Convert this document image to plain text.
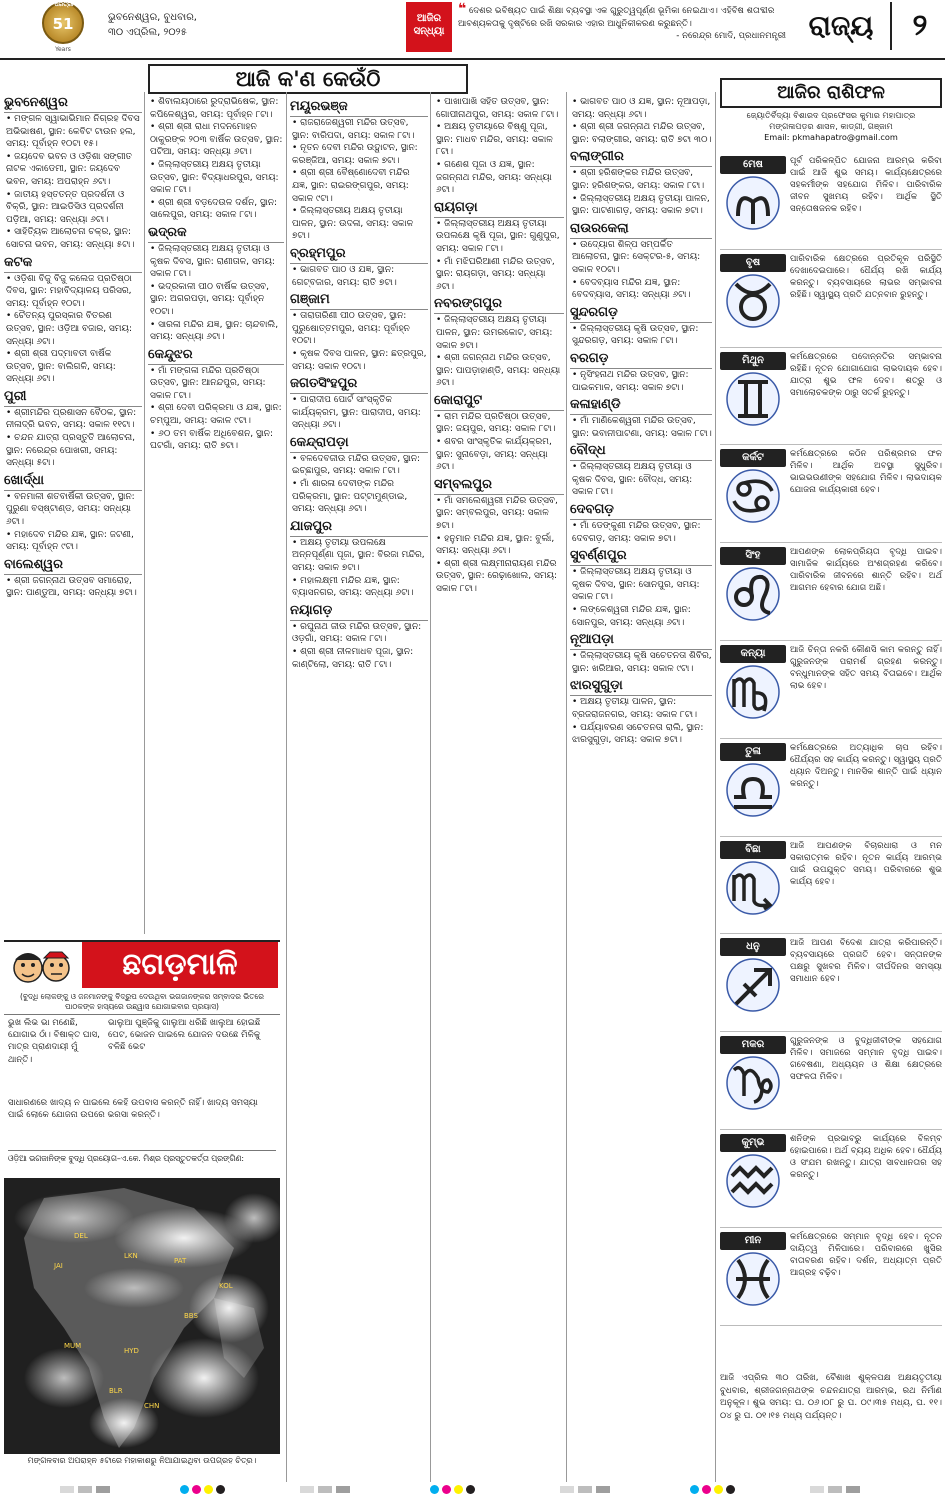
51
ଧରିତ୍ରୀ
Years
ଭୁବନେଶ୍ୱର, ବୁଧବାର,
୩୦ ଏପ୍ରିଲ, ୨୦୨୫
ଆଜିର
ସନ୍ଧ୍ୟା
❝ ଦେଶର ଭବିଷ୍ୟତ ପାଇଁ ଶିକ୍ଷା ବ୍ୟବସ୍ଥା ଏକ ଗୁରୁତ୍ୱପୂର୍ଣ୍ଣ ଭୂମିକା ନେଇଥାଏ। ଏହିବିଷ ଶତାବ୍ଦୀର ଆବଶ୍ୟକତାକୁ ଦୃଷ୍ଟିରେ ରଖି ସରକାର ଏହାର ଆଧୁନିକୀକରଣ କରୁଛନ୍ତି।
- ନରେନ୍ଦ୍ର ମୋଦି, ପ୍ରଧାନମନ୍ତ୍ରୀ ରାଜ୍ୟ	୨
ଆଜି କ'ଣ କେଉଁଠି
ଭୁବନେଶ୍ୱର
• ମଙ୍ଗଳ ସ୍ୱାଭାଭିମାନ ନିଗ୍ରହ ଦିବସ ଅଭିଭାଷଣ, ସ୍ଥାନ: କେବିଟ ଟାଉନ ହଲ, ସମୟ: ପୂର୍ବାହ୍ନ ୧୦ଟା ୧୫।
• ଜୟଦେବ ଭବନ ଓ ଓଡ଼ିଶା ସଙ୍ଗୀତ ନାଟକ ଏକାଡେମୀ, ସ୍ଥାନ: ଜୟଦେବ ଭବନ, ସମୟ: ଅପରାହ୍ନ ୬ଟା।
• ଜାତୀୟ ହସ୍ତତନ୍ତ ପ୍ରଦର୍ଶନୀ ଓ ବିକ୍ରି, ସ୍ଥାନ: ଆଇଡିସିଓ ପ୍ରଦର୍ଶନୀ ପଡ଼ିଆ, ସମୟ: ସନ୍ଧ୍ୟା ୬ଟା।
• ସାହିତ୍ୟିକ ଆଲୋଚନା ଚକ୍ର, ସ୍ଥାନ: ସୋଚନା ଭବନ, ସମୟ: ସନ୍ଧ୍ୟା ୫ଟା।
କଟକ
• ଓଡ଼ିଶା ବିଜୁ ବିଜୁ କଲେଜ ପ୍ରତିଷ୍ଠା ଦିବସ, ସ୍ଥାନ: ମହାବିଦ୍ୟାଳୟ ପରିସର, ସମୟ: ପୂର୍ବାହ୍ନ ୧୦ଟା।
• ଚୈତନ୍ୟ ପୁରସ୍କାର ବିତରଣ ଉତ୍ସବ, ସ୍ଥାନ: ଓଡ଼ିଆ ବଜାର, ସମୟ: ସନ୍ଧ୍ୟା ୬ଟା।
• ଶ୍ରୀ ଶ୍ରୀ ପଦ୍ମାବତୀ ବାର୍ଷିକ ଉତ୍ସବ, ସ୍ଥାନ: ବାଲିଗଳି, ସମୟ: ସନ୍ଧ୍ୟା ୬ଟା।
ପୁରୀ
• ଶ୍ରୀମନ୍ଦିର ପ୍ରଶାସନ ବୈଠକ, ସ୍ଥାନ: ନୀଳାଦ୍ରି ଭବନ, ସମୟ: ସକାଳ ୧୧ଟା।
• ଚନ୍ଦନ ଯାତ୍ରା ପ୍ରସ୍ତୁତି ଆଲୋଚନା, ସ୍ଥାନ: ନରେନ୍ଦ୍ର ପୋଖରୀ, ସମୟ: ସନ୍ଧ୍ୟା ୫ଟା।
ଖୋର୍ଦ୍ଧା
• ବନମାଳୀ ଶତବାର୍ଷିକୀ ଉତ୍ସବ, ସ୍ଥାନ: ପୁରୁଣା ବସ୍ଷ୍ଟାଣ୍ଡ, ସମୟ: ସନ୍ଧ୍ୟା ୬ଟା।
• ମହାଦେବ ମନ୍ଦିର ଯଜ୍ଞ, ସ୍ଥାନ: ଜଟଣୀ, ସମୟ: ପୂର୍ବାହ୍ନ ୯ଟା।
ବାଲେଶ୍ୱର
• ଶ୍ରୀ ଜଗନ୍ନାଥ ଉତ୍ସବ ସମାରୋହ, ସ୍ଥାନ: ପାଣ୍ଡୁଆ, ସମୟ: ସନ୍ଧ୍ୟା ୭ଟା।
• ଶିବାଲୟଠାରେ ରୁଦ୍ରାଭିଷେକ, ସ୍ଥାନ: କପିଳେଶ୍ୱର, ସମୟ: ପୂର୍ବାହ୍ନ ୮ଟା।
• ଶ୍ରୀ ଶ୍ରୀ ରାଧା ମଦନମୋହନ ଠାକୁରଙ୍କ ୨୦୩ ବାର୍ଷିକ ଉତ୍ସବ, ସ୍ଥାନ: ପଟିଆ, ସମୟ: ସନ୍ଧ୍ୟା ୬ଟା।
• ଜିଲ୍ଲାସ୍ତରୀୟ ଅକ୍ଷୟ ତୃତୀୟା ଉତ୍ସବ, ସ୍ଥାନ: ବିଦ୍ୟାଧରପୁର, ସମୟ: ସକାଳ ୮ଟା।
• ଶ୍ରୀ ଶ୍ରୀ ବଡ଼ଦେଉଳ ଦର୍ଶନ, ସ୍ଥାନ: ସାଲେପୁର, ସମୟ: ସକାଳ ୮ଟା।
ଭଦ୍ରକ
• ଜିଲ୍ଲାସ୍ତରୀୟ ଅକ୍ଷୟ ତୃତୀୟା ଓ କୃଷକ ଦିବସ, ସ୍ଥାନ: ରାଣୀତାଳ, ସମୟ: ସକାଳ ୮ଟା।
• ଭଦ୍ରକାଳୀ ପୀଠ ବାର୍ଷିକ ଉତ୍ସବ, ସ୍ଥାନ: ଅଗରପଡ଼ା, ସମୟ: ପୂର୍ବାହ୍ନ ୧୦ଟା।
• ସାରଳା ମନ୍ଦିର ଯଜ୍ଞ, ସ୍ଥାନ: ଚାନ୍ଦବାଲି, ସମୟ: ସନ୍ଧ୍ୟା ୬ଟା।
କେନ୍ଦୁଝର
• ମାଁ ମଙ୍ଗଳା ମନ୍ଦିର ପ୍ରତିଷ୍ଠା ଉତ୍ସବ, ସ୍ଥାନ: ଆନନ୍ଦପୁର, ସମୟ: ସକାଳ ୮ଟା।
• ଶ୍ରୀ ଦେବୀ ପରିକ୍ରମା ଓ ଯଜ୍ଞ, ସ୍ଥାନ: ଚମ୍ପୁଆ, ସମୟ: ସକାଳ ୯ଟା।
• ୬୦ ତମ ବାର୍ଷିକ ଅଧିବେଶନ, ସ୍ଥାନ: ଘଟଗାଁ, ସମୟ: ରାତି ୭ଟା।
ମୟୂରଭଞ୍ଜ
• ରାଜରାଜେଶ୍ୱରୀ ମନ୍ଦିର ଉତ୍ସବ, ସ୍ଥାନ: ବାରିପଦା, ସମୟ: ସକାଳ ୮ଟା।
• ନୂତନ ଦେବୀ ମନ୍ଦିର ଉଦ୍ଘାଟନ, ସ୍ଥାନ: କରଞ୍ଜିଆ, ସମୟ: ସକାଳ ୭ଟା।
• ଶ୍ରୀ ଶ୍ରୀ ବୈଷ୍ଣୋଦେବୀ ମନ୍ଦିର ଯଜ୍ଞ, ସ୍ଥାନ: ରାଇରଙ୍ଗପୁର, ସମୟ: ସକାଳ ୯ଟା।
• ଜିଲ୍ଲାସ୍ତରୀୟ ଅକ୍ଷୟ ତୃତୀୟା ପାଳନ, ସ୍ଥାନ: ଉଦଳା, ସମୟ: ସକାଳ ୭ଟା।
ବ୍ରହ୍ମପୁର
• ଭାଗବତ ପାଠ ଓ ଯଜ୍ଞ, ସ୍ଥାନ: ଗେଟ୍ବଜାର, ସମୟ: ରାତି ୭ଟା।
ଗଞ୍ଜାମ
• ତାରାତାରିଣୀ ପୀଠ ଉତ୍ସବ, ସ୍ଥାନ: ପୁରୁଷୋତ୍ତମପୁର, ସମୟ: ପୂର୍ବାହ୍ନ ୧୦ଟା।
• କୃଷକ ଦିବସ ପାଳନ, ସ୍ଥାନ: ଛତ୍ରପୁର, ସମୟ: ସକାଳ ୧୦ଟା।
ଜଗତସିଂହପୁର
• ପାରାଦୀପ ପୋର୍ଟ ସାଂସ୍କୃତିକ କାର୍ଯ୍ୟକ୍ରମ, ସ୍ଥାନ: ପାରାଦୀପ, ସମୟ: ସନ୍ଧ୍ୟା ୬ଟା।
କେନ୍ଦ୍ରାପଡ଼ା
• ବଳଦେବଜୀଉ ମନ୍ଦିର ଉତ୍ସବ, ସ୍ଥାନ: ଇଚ୍ଛାପୁର, ସମୟ: ସକାଳ ୮ଟା।
• ମାଁ ଶାରଳା ଦେବୀଙ୍କ ମନ୍ଦିର ପରିକ୍ରମା, ସ୍ଥାନ: ପଟ୍ଟାମୁଣ୍ଡାଇ, ସମୟ: ସନ୍ଧ୍ୟା ୬ଟା।
ଯାଜପୁର
• ଅକ୍ଷୟ ତୃତୀୟା ଉପଲକ୍ଷେ ଅନ୍ନପୂର୍ଣ୍ଣା ପୂଜା, ସ୍ଥାନ: ବିରଜା ମନ୍ଦିର, ସମୟ: ସକାଳ ୭ଟା।
• ମହାଲକ୍ଷ୍ମୀ ମନ୍ଦିର ଯଜ୍ଞ, ସ୍ଥାନ: ବ୍ୟାସନଗର, ସମୟ: ସନ୍ଧ୍ୟା ୬ଟା।
ନୟାଗଡ଼
• ରଘୁନାଥ ଜୀଉ ମନ୍ଦିର ଉତ୍ସବ, ସ୍ଥାନ: ଓଡ଼ଗାଁ, ସମୟ: ସକାଳ ୮ଟା।
• ଶ୍ରୀ ଶ୍ରୀ ନୀଳମାଧବ ପୂଜା, ସ୍ଥାନ: କାଣ୍ଟିଲୋ, ସମୟ: ରାତି ୮ଟା।
• ପାଖାପାଖି ସହିତ ଉତ୍ସବ, ସ୍ଥାନ: ଗୋପୀନାଥପୁର, ସମୟ: ସକାଳ ୮ଟା।
• ଅକ୍ଷୟ ତୃତୀୟାରେ ବିଷ୍ଣୁ ପୂଜା, ସ୍ଥାନ: ମାଧବ ମନ୍ଦିର, ସମୟ: ସକାଳ ୮ଟା।
• ଗଣେଶ ପୂଜା ଓ ଯଜ୍ଞ, ସ୍ଥାନ: ଜଗନ୍ନାଥ ମନ୍ଦିର, ସମୟ: ସନ୍ଧ୍ୟା ୬ଟା।
ରାୟଗଡ଼ା
• ଜିଲ୍ଲାସ୍ତରୀୟ ଅକ୍ଷୟ ତୃତୀୟା ଉପଲକ୍ଷେ କୃଷି ପୂଜା, ସ୍ଥାନ: ଗୁଣୁପୁର, ସମୟ: ସକାଳ ୮ଟା।
• ମାଁ ମଝିଘରିଆଣୀ ମନ୍ଦିର ଉତ୍ସବ, ସ୍ଥାନ: ରାୟଗଡ଼ା, ସମୟ: ସନ୍ଧ୍ୟା ୬ଟା।
ନବରଙ୍ଗପୁର
• ଜିଲ୍ଲାସ୍ତରୀୟ ଅକ୍ଷୟ ତୃତୀୟା ପାଳନ, ସ୍ଥାନ: ଉମରକୋଟ, ସମୟ: ସକାଳ ୭ଟା।
• ଶ୍ରୀ ଜଗନ୍ନାଥ ମନ୍ଦିର ଉତ୍ସବ, ସ୍ଥାନ: ପାପଡ଼ାହାଣ୍ଡି, ସମୟ: ସନ୍ଧ୍ୟା ୬ଟା।
କୋରାପୁଟ
• ରାମ ମନ୍ଦିର ପ୍ରତିଷ୍ଠା ଉତ୍ସବ, ସ୍ଥାନ: ଜୟପୁର, ସମୟ: ସକାଳ ୮ଟା।
• ଶବର ସାଂସ୍କୃତିକ କାର୍ଯ୍ୟକ୍ରମ, ସ୍ଥାନ: ସୁନାବେଡ଼ା, ସମୟ: ସନ୍ଧ୍ୟା ୬ଟା।
ସମ୍ବଲପୁର
• ମାଁ ସମଲେଶ୍ୱରୀ ମନ୍ଦିର ଉତ୍ସବ, ସ୍ଥାନ: ସମ୍ବଲପୁର, ସମୟ: ସକାଳ ୭ଟା।
• ହନୁମାନ ମନ୍ଦିର ଯଜ୍ଞ, ସ୍ଥାନ: ବୁର୍ଲା, ସମୟ: ସନ୍ଧ୍ୟା ୬ଟା।
• ଶ୍ରୀ ଶ୍ରୀ ଲକ୍ଷ୍ମୀନାରାୟଣ ମନ୍ଦିର ଉତ୍ସବ, ସ୍ଥାନ: ରେଢ଼ାଖୋଲ, ସମୟ: ସକାଳ ୮ଟା।
• ଭାଗବତ ପାଠ ଓ ଯଜ୍ଞ, ସ୍ଥାନ: ନୂଆପଡ଼ା, ସମୟ: ସନ୍ଧ୍ୟା ୬ଟା।
• ଶ୍ରୀ ଶ୍ରୀ ଜଗନ୍ନାଥ ମନ୍ଦିର ଉତ୍ସବ, ସ୍ଥାନ: ବଲାଙ୍ଗୀର, ସମୟ: ରାତି ୭ଟା ୩୦।
ବଲାଙ୍ଗୀର
• ଶ୍ରୀ ହରିଶଙ୍କର ମନ୍ଦିର ଉତ୍ସବ, ସ୍ଥାନ: ହରିଶଙ୍କର, ସମୟ: ସକାଳ ୮ଟା।
• ଜିଲ୍ଲାସ୍ତରୀୟ ଅକ୍ଷୟ ତୃତୀୟା ପାଳନ, ସ୍ଥାନ: ପାଟଣାଗଡ଼, ସମୟ: ସକାଳ ୭ଟା।
ରାଉରକେଲା
• ଉଦ୍ୟୋଗ ଶିଳ୍ପ ସମ୍ପର୍କିତ ଆଲୋଚନା, ସ୍ଥାନ: ସେକ୍ଟର-୫, ସମୟ: ସକାଳ ୧୦ଟା।
• ବେଦବ୍ୟାସ ମନ୍ଦିର ଯଜ୍ଞ, ସ୍ଥାନ: ବେଦବ୍ୟାସ, ସମୟ: ସନ୍ଧ୍ୟା ୬ଟା।
ସୁନ୍ଦରଗଡ଼
• ଜିଲ୍ଲାସ୍ତରୀୟ କୃଷି ଉତ୍ସବ, ସ୍ଥାନ: ସୁନ୍ଦରଗଡ଼, ସମୟ: ସକାଳ ୮ଟା।
ବରଗଡ଼
• ନୃସିଂହନାଥ ମନ୍ଦିର ଉତ୍ସବ, ସ୍ଥାନ: ପାଇକମାଳ, ସମୟ: ସକାଳ ୭ଟା।
କଳାହାଣ୍ଡି
• ମାଁ ମାଣିକେଶ୍ୱରୀ ମନ୍ଦିର ଉତ୍ସବ, ସ୍ଥାନ: ଭବାନୀପାଟଣା, ସମୟ: ସକାଳ ୮ଟା।
ବୌଦ୍ଧ
• ଜିଲ୍ଲାସ୍ତରୀୟ ଅକ୍ଷୟ ତୃତୀୟା ଓ କୃଷକ ଦିବସ, ସ୍ଥାନ: ବୌଦ୍ଧ, ସମୟ: ସକାଳ ୮ଟା।
ଦେବଗଡ଼
• ମାଁ ଡେଙ୍କୁଣୀ ମନ୍ଦିର ଉତ୍ସବ, ସ୍ଥାନ: ଦେବଗଡ଼, ସମୟ: ସକାଳ ୭ଟା।
ସୁବର୍ଣ୍ଣପୁର
• ଜିଲ୍ଲାସ୍ତରୀୟ ଅକ୍ଷୟ ତୃତୀୟା ଓ କୃଷକ ଦିବସ, ସ୍ଥାନ: ସୋନପୁର, ସମୟ: ସକାଳ ୮ଟା।
• ଲଙ୍କେଶ୍ୱରୀ ମନ୍ଦିର ଯଜ୍ଞ, ସ୍ଥାନ: ସୋନପୁର, ସମୟ: ସନ୍ଧ୍ୟା ୬ଟା।
ନୂଆପଡ଼ା
• ଜିଲ୍ଲାସ୍ତରୀୟ କୃଷି ସଚେତନତା ଶିବିର, ସ୍ଥାନ: ଖରିଆର, ସମୟ: ସକାଳ ୯ଟା।
ଝାରସୁଗୁଡ଼ା
• ଅକ୍ଷୟ ତୃତୀୟା ପାଳନ, ସ୍ଥାନ: ବ୍ରଜରାଜନଗର, ସମୟ: ସକାଳ ୮ଟା।
• ପର୍ଯ୍ୟାବରଣ ସଚେତନତା ରାଲି, ସ୍ଥାନ: ଝାରସୁଗୁଡ଼ା, ସମୟ: ସକାଳ ୭ଟା।
ଛଗଡ଼ମାଳି
(ବୁଦ୍ଧି ଲୋକଙ୍କୁ ଓ ଜନମାନଙ୍କୁ ବିଦ୍ରୁପ ଦେଉଥିବା ଭଗଜାନଙ୍କର ସମ୍ବାଦର ଭିତରେ ପାଠକଙ୍କ ହାସ୍ୟରେ ଉଛ୍ୱାସ ଯୋଗାଇବାର ପ୍ରୟାସ)
ଭୁଖ ଲିଭ ଭା ମଣେଛି, ଯୋଗାଭ ଠାଁ। ବିଷାକ୍ତ ଘାସ, ମାତ୍ର ପ୍ରାଣଦାୟୀ ମୁଁ ଥାନ୍ତି।
ଭାଲୁଆ ପୁଞ୍ଜିକୁ ଗାଲୁଆ ଧରିଛି ଖାଲୁଆ ହୋଇଛି ପେଟ, ଭୋଜନ ପାଇଲେ ଯୋଜନ ଦଉଛେ ମିଳିକୁ ବଳିଛି ଭେଟ
ସାଧାରଣରେ ଖାଦ୍ୟ ନ ପାଇଲେ କେହି ଉପବାସ କରନ୍ତି ନାହିଁ। ଖାଦ୍ୟ ସମସ୍ୟା ପାଇଁ ଲୋକେ ଯୋଜନା ଉପରେ ଭରସା କରନ୍ତି।
ଓଡ଼ିଆ ଭଗଜାନିଙ୍କ ବୁଦ୍ଧି ପ୍ରୟୋଗ–ଏ.କେ. ମିଶ୍ର ପ୍ରସ୍ତୁତକର୍ତ୍ତା ପ୍ରଙ୍ଗିଣ:
DEL
JAI
LKN
PAT
KOL
BBS
HYD
MUM
CHN
BLR
ମଙ୍ଗଳବାର ଅପରାହ୍ନ ୫ଟାରେ ମହାକାଶରୁ ନିଆଯାଇଥିବା ଉପଗ୍ରହ ଚିତ୍ର।
ଆଜିର ରାଶିଫଳ
ଜ୍ୟୋତିର୍ବିଦ୍ୟା ବିଶାରଦ ପ୍ରଫେସର କୁମାର ମହାପାତ୍ର
ମଙ୍ଗଳାପଡ଼ର ଶାସନ, କାଡ୍ଗୀ, ଗଞ୍ଜାମ
Email: pkmahapatro@gmail.com
ମେଷ	ପୂର୍ବ ପରିକଳ୍ପିତ ଯୋଜନା ଆରମ୍ଭ କରିବା ପାଇଁ ଆଜି ଶୁଭ ସମୟ। କାର୍ଯ୍ୟକ୍ଷେତ୍ରରେ ସହକର୍ମୀଙ୍କ ସହଯୋଗ ମିଳିବ। ପାରିବାରିକ ଜୀବନ ସୁଖମୟ ରହିବ। ଆର୍ଥିକ ସ୍ଥିତି ସନ୍ତୋଷଜନକ ରହିବ।
ବୃଷ	ପାରିବାରିକ କ୍ଷେତ୍ରରେ ପ୍ରତିକୂଳ ପରିସ୍ଥିତି ଦେଖାଦେଇପାରେ। ଧୈର୍ଯ୍ୟ ରଖି କାର୍ଯ୍ୟ କରନ୍ତୁ। ବ୍ୟବସାୟରେ ଲାଭର ସମ୍ଭାବନା ରହିଛି। ସ୍ୱାସ୍ଥ୍ୟ ପ୍ରତି ଯତ୍ନବାନ ରୁହନ୍ତୁ।
ମିଥୁନ	କର୍ମକ୍ଷେତ୍ରରେ ପଦୋନ୍ନତିର ସମ୍ଭାବନା ରହିଛି। ନୂତନ ଯୋଗାଯୋଗ ଲାଭଦାୟକ ହେବ। ଯାତ୍ରା ଶୁଭ ଫଳ ଦେବ। ଶତ୍ରୁ ଓ ସମାଲୋଚକଙ୍କ ଠାରୁ ସତର୍କ ରୁହନ୍ତୁ।
କର୍କଟ	କର୍ମକ୍ଷେତ୍ରରେ କଠିନ ପରିଶ୍ରମର ଫଳ ମିଳିବ। ଆର୍ଥିକ ଅବସ୍ଥା ସୁଧୁରିବ। ଭାଇଭଉଣୀଙ୍କ ସହଯୋଗ ମିଳିବ। ଲାଭଦାୟକ ଯୋଜନା କାର୍ଯ୍ୟକାରୀ ହେବ।
ସିଂହ	ଆପଣଙ୍କ ଲୋକପ୍ରିୟତା ବୃଦ୍ଧି ପାଇବ। ସାମାଜିକ କାର୍ଯ୍ୟରେ ଅଂଶଗ୍ରହଣ କରିବେ। ପାରିବାରିକ ଜୀବନରେ ଶାନ୍ତି ରହିବ। ଅର୍ଥ ଆଗମନ ହେବାର ଯୋଗ ଅଛି।
କନ୍ୟା	ଆଜି ଚିନ୍ତା ନକରି କୌଣସି କାମ କରନ୍ତୁ ନାହିଁ। ଗୁରୁଜନଙ୍କ ପରାମର୍ଶ ଗ୍ରହଣ କରନ୍ତୁ। ବନ୍ଧୁମାନଙ୍କ ସହିତ ସମୟ ବିତାଇବେ। ଆର୍ଥିକ ଲାଭ ହେବ।
ତୁଳା	କର୍ମକ୍ଷେତ୍ରରେ ଅତ୍ୟାଧିକ ଚାପ ରହିବ। ଧୈର୍ଯ୍ୟର ସହ କାର୍ଯ୍ୟ କରନ୍ତୁ। ସ୍ୱାସ୍ଥ୍ୟ ପ୍ରତି ଧ୍ୟାନ ଦିଅନ୍ତୁ। ମାନସିକ ଶାନ୍ତି ପାଇଁ ଧ୍ୟାନ କରନ୍ତୁ।
ବିଛା	ଆଜି ଆପଣଙ୍କ ବିଚାରଧାରା ଓ ମନ ସକାରାତ୍ମକ ରହିବ। ନୂତନ କାର୍ଯ୍ୟ ଆରମ୍ଭ ପାଇଁ ଉପଯୁକ୍ତ ସମୟ। ପରିବାରରେ ଶୁଭ କାର୍ଯ୍ୟ ହେବ।
ଧନୁ	ଆଜି ଆପଣ ବିଦେଶ ଯାତ୍ରା କରିପାରନ୍ତି। ବ୍ୟବସାୟରେ ପ୍ରଗତି ହେବ। ସନ୍ତାନଙ୍କ ପକ୍ଷରୁ ସୁଖବର ମିଳିବ। ଦୀର୍ଘଦିନର ସମସ୍ୟା ସମାଧାନ ହେବ।
ମକର	ଗୁରୁଜନଙ୍କ ଓ ବୁଦ୍ଧିଜୀବୀଙ୍କ ସହଯୋଗ ମିଳିବ। ସମାଜରେ ସମ୍ମାନ ବୃଦ୍ଧି ପାଇବ। ଗବେଷଣା, ଅଧ୍ୟୟନ ଓ ଶିକ୍ଷା କ୍ଷେତ୍ରରେ ସଫଳତା ମିଳିବ।
କୁମ୍ଭ	ଶନିଙ୍କ ପ୍ରଭାବରୁ କାର୍ଯ୍ୟରେ ବିଳମ୍ବ ହୋଇପାରେ। ଅର୍ଥ ବ୍ୟୟ ଅଧିକ ହେବ। ଧୈର୍ଯ୍ୟ ଓ ସଂଯମ ରଖନ୍ତୁ। ଯାତ୍ରା ସାବଧାନତାର ସହ କରନ୍ତୁ।
ମୀନ	କର୍ମକ୍ଷେତ୍ରରେ ସମ୍ମାନ ବୃଦ୍ଧି ହେବ। ନୂତନ ଦାୟିତ୍ୱ ମିଳିପାରେ। ପରିବାରରେ ଖୁସିର ବାତାବରଣ ରହିବ। ଦର୍ଶନ, ଅଧ୍ୟାତ୍ମ ପ୍ରତି ଆଗ୍ରହ ବଢ଼ିବ।
ଆଜି ଏପ୍ରିଲ ୩୦ ତାରିଖ, ବୈଶାଖ ଶୁକ୍ଳପକ୍ଷ ଅକ୍ଷୟତୃତୀୟା ବୁଧବାର, ଶ୍ରୀଜଗନ୍ନାଥଙ୍କ ଚନ୍ଦନଯାତ୍ରା ଆରମ୍ଭ, ରଥ ନିର୍ମାଣ ଅନୁକୂଳ। ଶୁଭ ସମୟ: ଘ. ୦୬।୦୮ ରୁ ଘ. ୦୯।୩୫ ମଧ୍ୟ, ଘ. ୧୧।୦୪ ରୁ ଘ. ୦୧।୧୫ ମଧ୍ୟ ପର୍ଯ୍ୟନ୍ତ।
